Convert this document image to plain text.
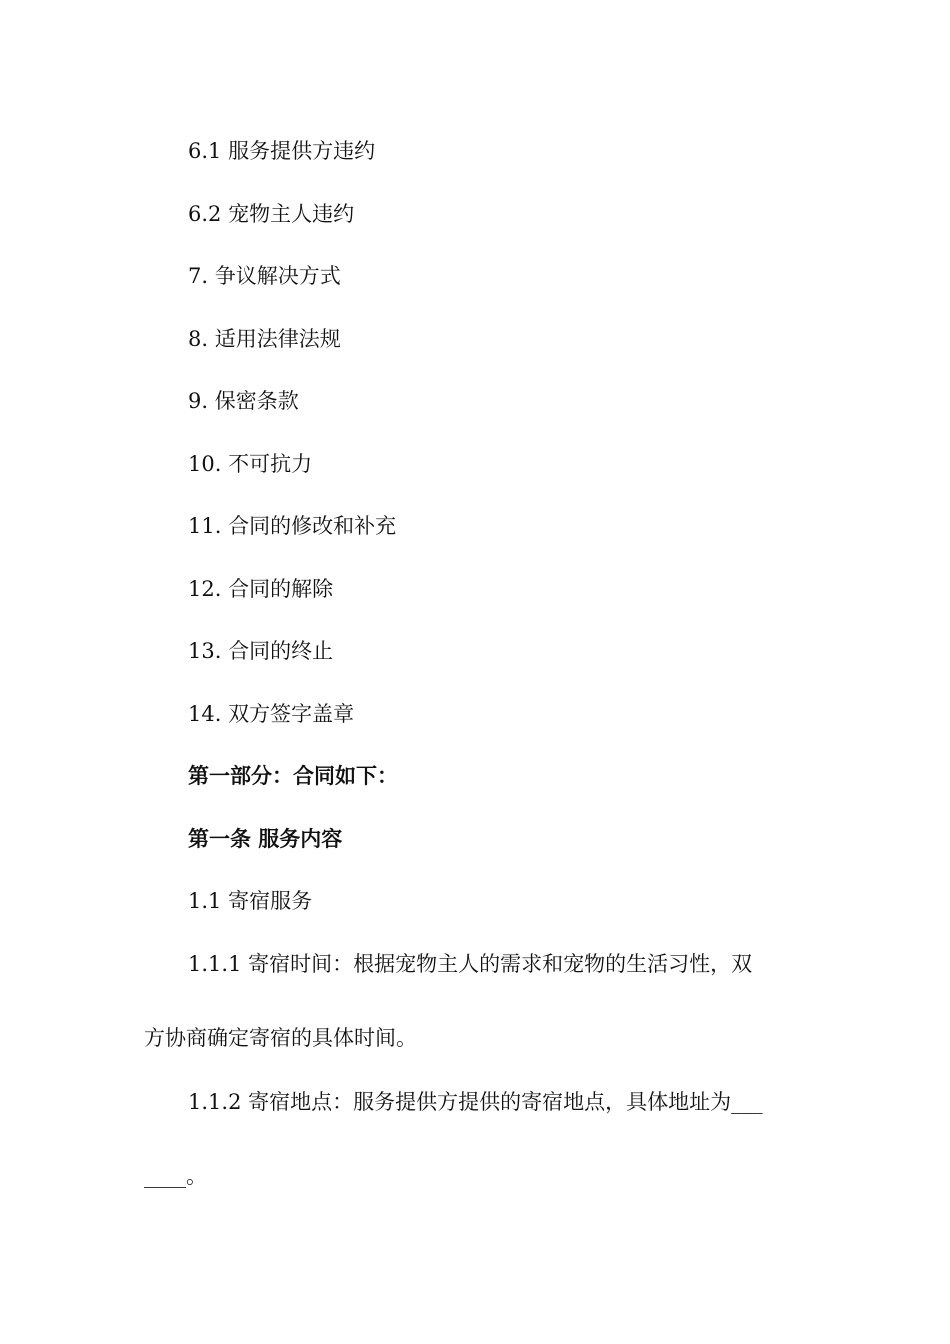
6.1 服务提供方违约
6.2 宠物主人违约
7. 争议解决方式
8. 适用法律法规
9. 保密条款
10. 不可抗力
11. 合同的修改和补充
12. 合同的解除
13. 合同的终止
14. 双方签字盖章
第一部分：合同如下：
第一条 服务内容
1.1 寄宿服务
1.1.1 寄宿时间：根据宠物主人的需求和宠物的生活习性，双
方协商确定寄宿的具体时间。
1.1.2 寄宿地点：服务提供方提供的寄宿地点，具体地址为___
____。
